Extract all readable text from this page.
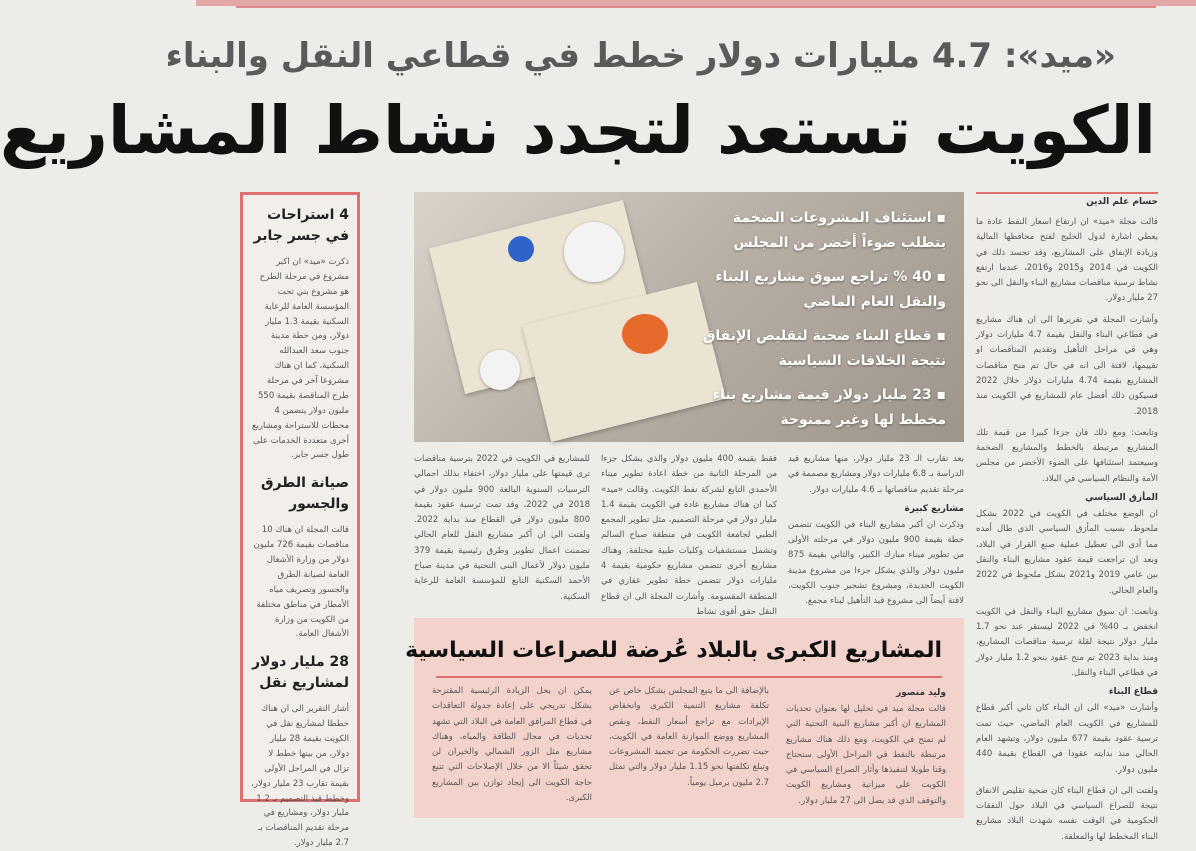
«ميد»: 4.7 مليارات دولار خطط في قطاعي النقل والبناء
الكويت تستعد لتجدد نشاط المشاريع
4 استراحات في جسر جابر

ذكرت «ميد» ان اكبر مشروع في مرحلة الطرح هو مشروع بني تحت المؤسسة العامة للرعاية السكنية بقيمة 1.3 مليار دولار، ومن خطة مدينة جنوب سعد العبدالله السكنية، كما ان هناك مشروعا آخر في مرحلة طرح المناقصة بقيمة 550 مليون دولار يتضمن 4 محطات للاستراحة ومشاريع أخرى متعددة الخدمات على طول جسر جابر.

صيانة الطرق والجسور

قالت المجلة ان هناك 10 مناقصات بقيمة 726 مليون دولار من وزارة الأشغال العامة لصيانة الطرق والجسور وتصريف مياه الأمطار في مناطق مختلفة من الكويت من وزارة الأشغال العامة.

28 مليار دولار لمشاريع نقل

أشار التقرير الى ان هناك خططا لمشاريع نقل في الكويت بقيمة 28 مليار دولار، من بينها خطط لا تزال في المراحل الأولى بقيمة تقارب 23 مليار دولار، وخطط قيد التصميم بـ 1.2 مليار دولار، ومشاريع في مرحلة تقديم المناقصات بـ 2.7 مليار دولار.

حسام علم الدين

قالت مجلة «ميد» ان ارتفاع اسعار النفط عادة ما يعطي اشارة لدول الخليج لفتح محافظها المالية وزيادة الإنفاق على المشاريع، وقد تجسد ذلك في الكويت في 2014 و2015 و2016، عندما ارتفع نشاط ترسية مناقصات مشاريع البناء والنقل الى نحو 27 مليار دولار.

وأشارت المجلة في تقريرها الى ان هناك مشاريع في قطاعي البناء والنقل بقيمة 4.7 مليارات دولار وهي في مراحل التأهيل وتقديم المناقصات او تقييمها، لافتة الى انه في حال تم منح مناقصات المشاريع بقيمة 4.74 مليارات دولار خلال 2022 فسيكون ذلك أفضل عام للمشاريع في الكويت منذ 2018.

وتابعت: ومع ذلك فان جزءا كبيرا من قيمة تلك المشاريع مرتبطة بالخطط والمشاريع الضخمة وسيعتمد استئنافها على الضوء الأخضر من مجلس الأمة والنظام السياسي في البلاد.

المأزق السياسي

ان الوضع مختلف في الكويت في 2022 بشكل ملحوظ، بسبب المأزق السياسي الذي طال أمده مما أدى الى تعطيل عملية صنع القرار في البلاد، وبعد ان تراجعت قيمة عقود مشاريع البناء والنقل بين عامي 2019 و2021 بشكل ملحوظ في 2022 والعام الحالي.

وتابعت: ان سوق مشاريع البناء والنقل في الكويت انخفض بـ 40% في 2022 ليستقر عند نحو 1.7 مليار دولار نتيجة لقلة ترسية مناقصات المشاريع، ومنذ بداية 2023 تم منح عقود بنحو 1.2 مليار دولار في قطاعي البناء والنقل.

قطاع البناء

وأشارت «ميد» الى ان البناء كان ثاني أكبر قطاع للمشاريع في الكويت العام الماضي، حيث تمت ترسية عقود بقيمة 677 مليون دولار، وتشهد العام الحالي منذ بدايته عقودا في القطاع بقيمة 440 مليون دولار.

ولفتت الى ان قطاع البناء كان ضحية تقليص الانفاق نتيجة للصراع السياسي في البلاد حول النفقات الحكومية في الوقت نفسه شهدت البلاد مشاريع البناء المخطط لها والمعلقة.

▪ استئناف المشروعات الضخمة يتطلب ضوءاً أخضر من المجلس
▪ 40 % تراجع سوق مشاريع البناء والنقل العام الماضي
▪ قطاع البناء ضحية لتقليص الإنفاق نتيجة الخلافات السياسية
▪ 23 مليار دولار قيمة مشاريع بناء مخطط لها وغير ممنوحة

بعد تقارب الـ 23 مليار دولار، منها مشاريع قيد الدراسة بـ 6.8 مليارات دولار ومشاريع مصممة في مرحلة تقديم مناقصاتها بـ 4.6 مليارات دولار.

مشاريع كبيرة

وذكرت ان أكبر مشاريع البناء في الكويت تتضمن خطة بقيمة 900 مليون دولار في مرحلته الأولى من تطوير ميناء مبارك الكبير، والثاني بقيمة 875 مليون دولار والذي يشكل جزءا من مشروع مدينة الكويت الجديدة، ومشروع تشجير جنوب الكويت، لافتة أيضاً الى مشروع قيد التأهيل لبناء مجمع.

فقط بقيمة 400 مليون دولار والذي يشكل جزءا من المرحلة الثانية من خطة اعادة تطوير ميناء الأحمدي التابع لشركة نفط الكويت. وقالت «ميد» كما ان هناك مشاريع عادة في الكويت بقيمة 1.4 مليار دولار في مرحلة التصميم، مثل تطوير المجمع الطبي لجامعة الكويت في منطقة صباح السالم وتشمل مستشفيات وكليات طبية مختلفة. وهناك مشاريع أخرى تتضمن مشاريع حكومية بقيمة 4 مليارات دولار تتضمن خطة تطوير عقاري في المنطقة المقسومة. وأشارت المجلة الى ان قطاع النقل حقق أقوى نشاط

للمشاريع في الكويت في 2022 بترسية مناقصات ترى قيمتها على مليار دولار، اختفاء بذلك اجمالي الترسيات السنوية البالغة 900 مليون دولار في 2018 في 2022، وقد تمت ترسية عقود بقيمة 800 مليون دولار في القطاع منذ بداية 2022. ولفتت الى ان أكبر مشاريع النقل للعام الحالي تضمنت اعمال تطوير وطرق رئيسية بقيمة 379 مليون دولار لأعمال البنى التحتية في مدينة صباح الأحمد السكنية التابع للمؤسسة العامة للرعاية السكنية.

المشاريع الكبرى بالبلاد عُرضة للصراعات السياسية
وليد منصور

قالت مجلة ميد في تحليل لها بعنوان تحديات المشاريع ان أكبر مشاريع البنية التحتية التي لم تمنح في الكويت، ومع ذلك هناك مشاريع مرتبطة بالنفط في المراحل الأولى ستحتاج وقتا طويلا لتنفيذها وأثار الصراع السياسي في الكويت على ميزانية ومشاريع الكويت والتوقف الذي قد يصل الى 27 مليار دولار.

بالإضافة الى ما يتبع المجلس بشكل خاص عن تكلفة مشاريع التنمية الكبرى وانخفاض الإيرادات مع تراجع أسعار النفط، ونقص المشاريع ووضع الموازنة العامة في الكويت، حيث تضررت الحكومة من تجميد المشروعات وتبلغ تكلفتها نحو 1.15 مليار دولار والتي تمثل 2.7 مليون برميل يومياً.

يمكن ان يحل الزيادة الرئيسية المقترحة بشكل تدريجي على إعادة جدولة التعاقدات في قطاع المرافق العامة في البلاد التي تشهد تحديات في مجال الطاقة والمياه، وهناك مشاريع مثل الزور الشمالي والخيران لن تحقق شيئاً الا من خلال الإصلاحات التي تتبع حاجة الكويت الى إيجاد توازن بين المشاريع الكبرى.
